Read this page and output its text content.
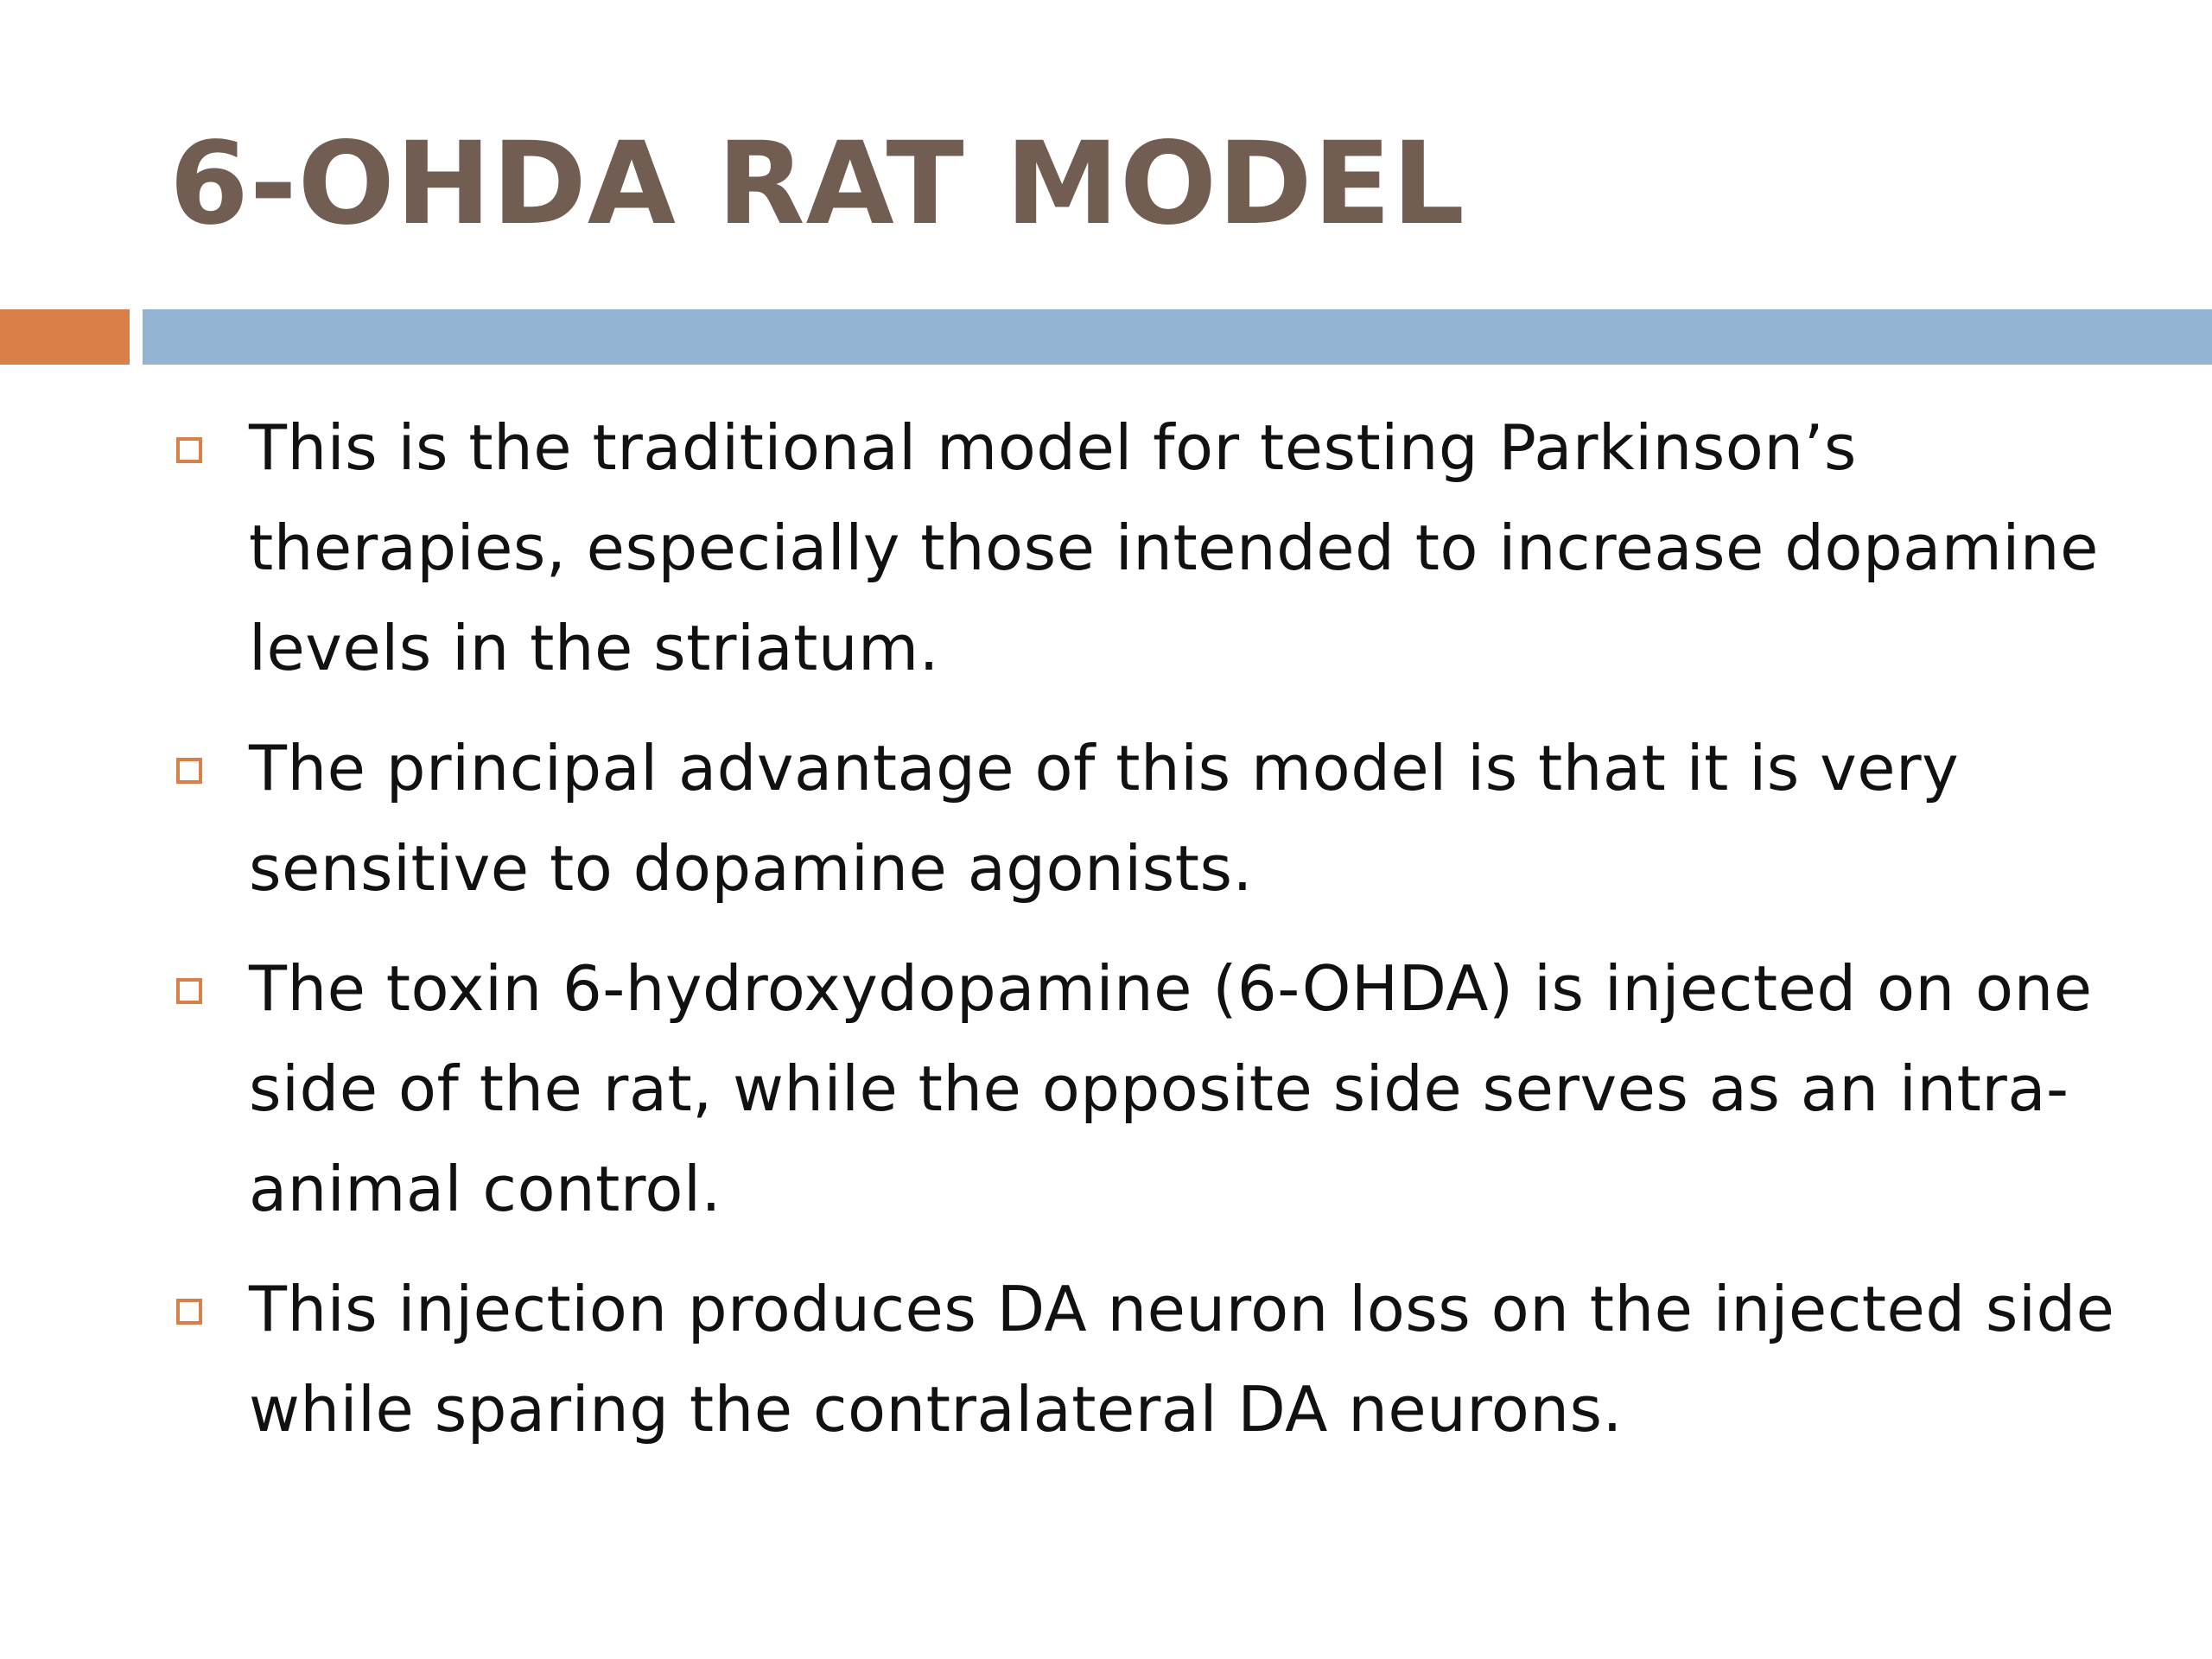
6-OHDA RAT MODEL
This is the traditional model for testing Parkinson’s therapies, especially those intended to increase dopamine levels in the striatum.
The principal advantage of this model is that it is very sensitive to dopamine agonists.
The toxin 6-hydroxydopamine (6-OHDA) is injected on one side of the rat, while the opposite side serves as an intra-animal control.
This injection produces DA neuron loss on the injected side while sparing the contralateral DA neurons.
